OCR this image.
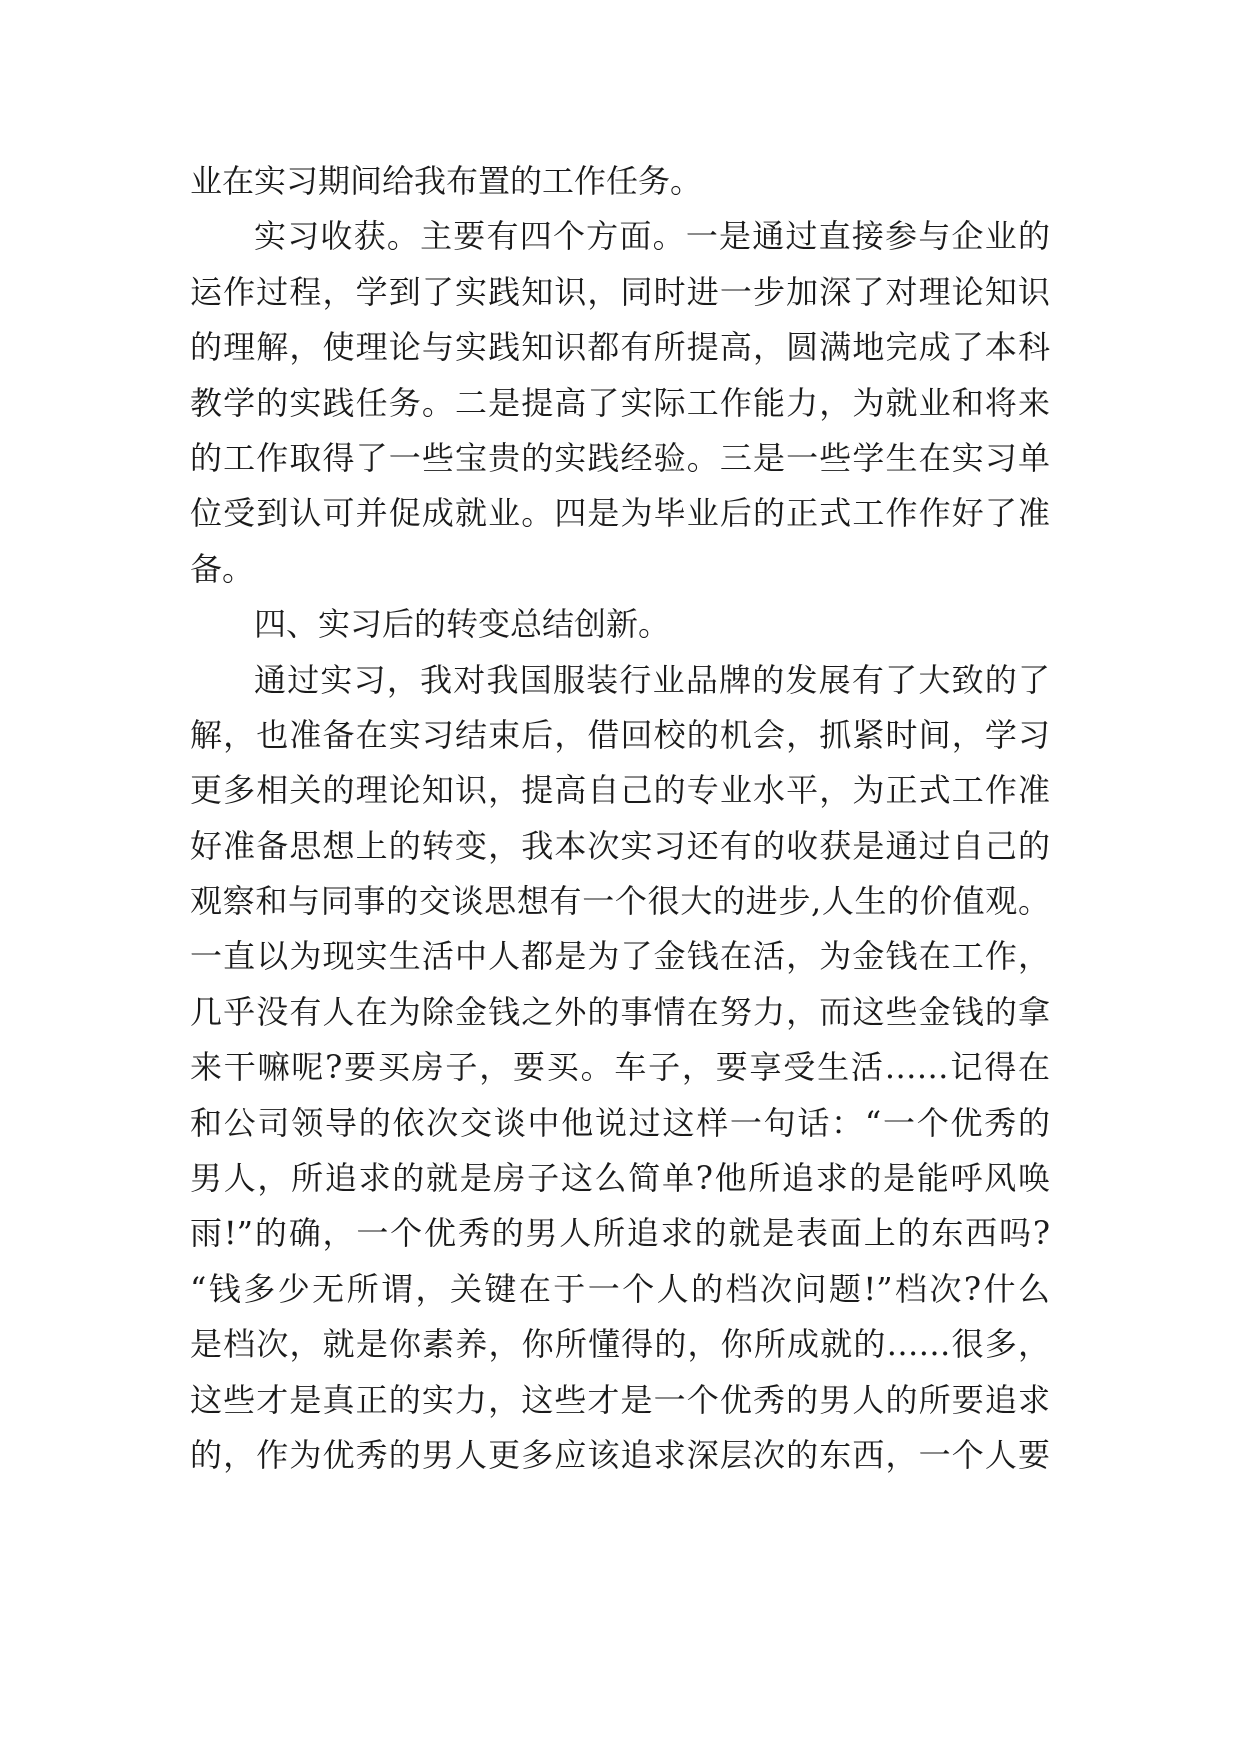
业在实习期间给我布置的工作任务。
实习收获。主要有四个方面。一是通过直接参与企业的
运作过程，学到了实践知识，同时进一步加深了对理论知识
的理解，使理论与实践知识都有所提高，圆满地完成了本科
教学的实践任务。二是提高了实际工作能力，为就业和将来
的工作取得了一些宝贵的实践经验。三是一些学生在实习单
位受到认可并促成就业。四是为毕业后的正式工作作好了准
备。
四、实习后的转变总结创新。
通过实习，我对我国服装行业品牌的发展有了大致的了
解，也准备在实习结束后，借回校的机会，抓紧时间，学习
更多相关的理论知识，提高自己的专业水平，为正式工作准
好准备思想上的转变，我本次实习还有的收获是通过自己的
观察和与同事的交谈思想有一个很大的进步,人生的价值观。
一直以为现实生活中人都是为了金钱在活，为金钱在工作，
几乎没有人在为除金钱之外的事情在努力，而这些金钱的拿
来干嘛呢?要买房子，要买。车子，要享受生活……记得在
和公司领导的依次交谈中他说过这样一句话：“一个优秀的
男人，所追求的就是房子这么简单?他所追求的是能呼风唤
雨!”的确，一个优秀的男人所追求的就是表面上的东西吗?
“钱多少无所谓，关键在于一个人的档次问题!”档次?什么
是档次，就是你素养，你所懂得的，你所成就的……很多，
这些才是真正的实力，这些才是一个优秀的男人的所要追求
的，作为优秀的男人更多应该追求深层次的东西，一个人要
